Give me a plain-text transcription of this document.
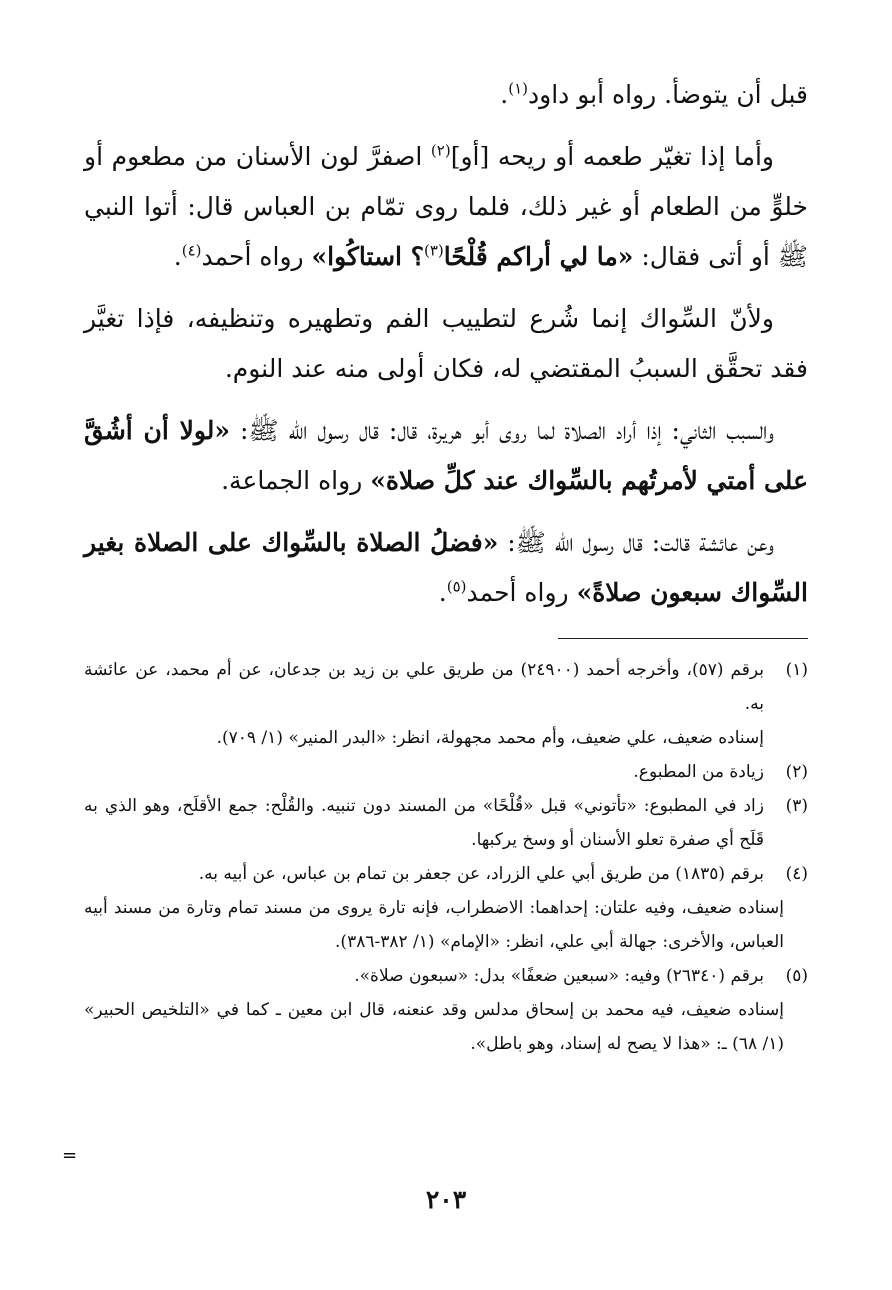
قبل أن يتوضأ. رواه أبو داود$^{(١)}$.

وأما إذا تغيّر طعمه أو ريحه [أو]$^{(٢)}$ اصفرَّ لون الأسنان من مطعوم أو خلوٍّ من الطعام أو غير ذلك، فلما روى تمّام بن العباس قال: أتوا النبي ﷺ أو أتى فقال: «ما لي أراكم قُلْحًا$^{(٣)}$؟ استاكُوا» رواه أحمد$^{(٤)}$.

ولأنّ السِّواك إنما شُرع لتطييب الفم وتطهيره وتنظيفه، فإذا تغيَّر فقد تحقَّق السببُ المقتضي له، فكان أولى منه عند النوم.

والسبب الثاني: إذا أراد الصلاة لما روى أبو هريرة، قال: قال رسول الله ﷺ: «لولا أن أشُقَّ على أمتي لأمرتُهم بالسِّواك عند كلِّ صلاة» رواه الجماعة.

وعن عائشة قالت: قال رسول الله ﷺ: «فضلُ الصلاة بالسِّواك على الصلاة بغير السِّواك سبعون صلاةً» رواه أحمد$^{(٥)}$.

(١)
برقم (٥٧)، وأخرجه أحمد (٢٤٩٠٠) من طريق علي بن زيد بن جدعان، عن أم محمد، عن عائشة به.
إسناده ضعيف، علي ضعيف، وأم محمد مجهولة، انظر: «البدر المنير» (١/ ٧٠٩).
(٢)
زيادة من المطبوع.
(٣)
زاد في المطبوع: «تأتوني» قبل «قُلْحًا» من المسند دون تنبيه. والقُلْح: جمع الأقلَح، وهو الذي به قَلَح أي صفرة تعلو الأسنان أو وسخ يركبها.
(٤)
برقم (١٨٣٥) من طريق أبي علي الزراد، عن جعفر بن تمام بن عباس، عن أبيه به.
إسناده ضعيف، وفيه علتان: إحداهما: الاضطراب، فإنه تارة يروى من مسند تمام وتارة من مسند أبيه العباس، والأخرى: جهالة أبي علي، انظر: «الإمام» (١/ ٣٨٢-٣٨٦).
(٥)
برقم (٢٦٣٤٠) وفيه: «سبعين ضعفًا» بدل: «سبعون صلاة».
إسناده ضعيف، فيه محمد بن إسحاق مدلس وقد عنعنه، قال ابن معين ـ كما في «التلخيص الحبير» (١/ ٦٨) ـ: «هذا لا يصح له إسناد، وهو باطل».
=
٢٠٣
